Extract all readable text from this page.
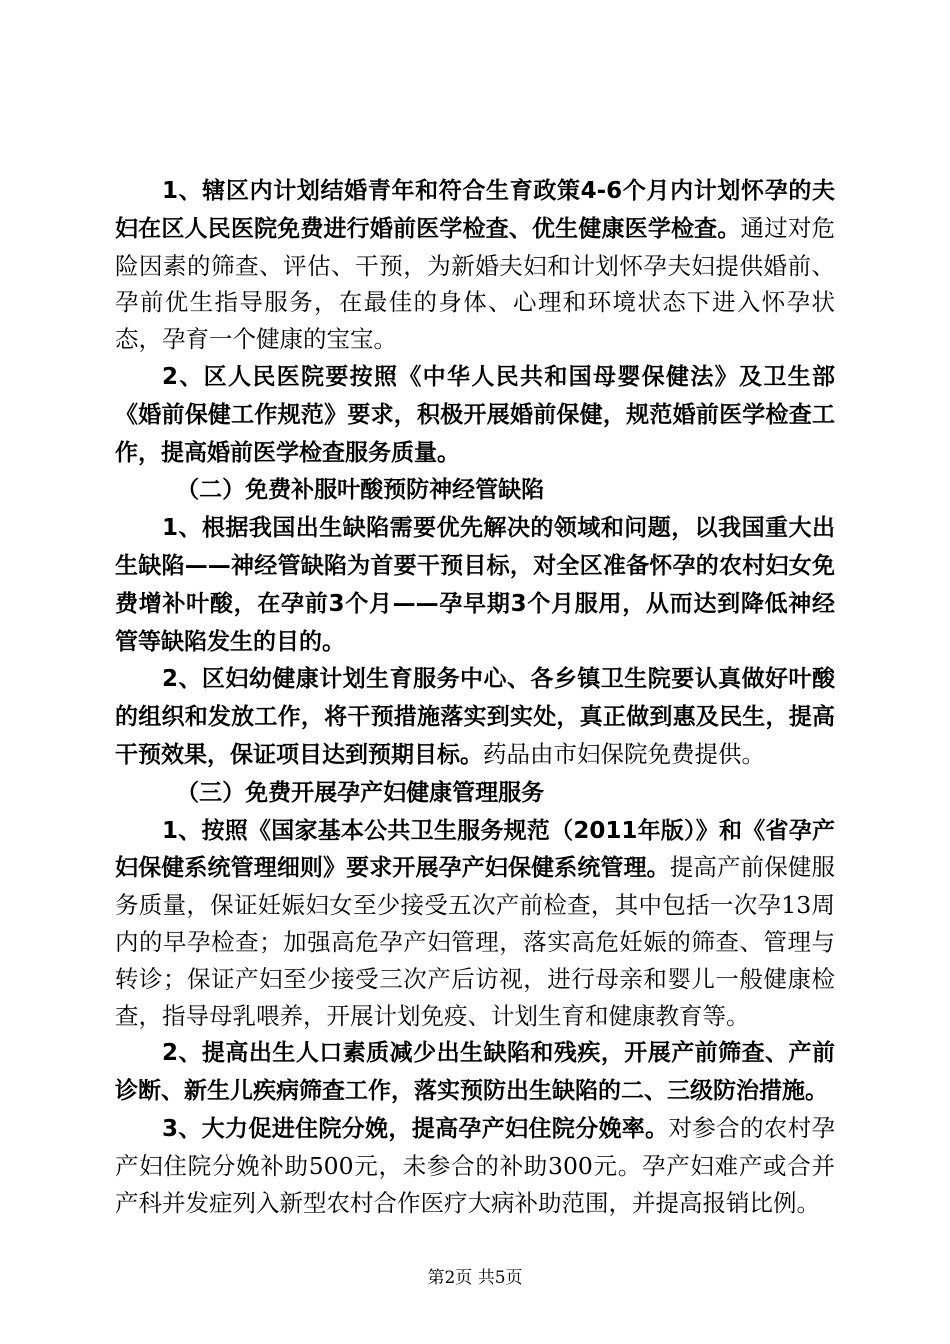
1、辖区内计划结婚青年和符合生育政策4-6个月内计划怀孕的夫妇在区人民医院免费进行婚前医学检查、优生健康医学检查。通过对危险因素的筛查、评估、干预，为新婚夫妇和计划怀孕夫妇提供婚前、孕前优生指导服务，在最佳的身体、心理和环境状态下进入怀孕状态，孕育一个健康的宝宝。

2、区人民医院要按照《中华人民共和国母婴保健法》及卫生部《婚前保健工作规范》要求，积极开展婚前保健，规范婚前医学检查工作，提高婚前医学检查服务质量。

（二）免费补服叶酸预防神经管缺陷

1、根据我国出生缺陷需要优先解决的领域和问题，以我国重大出生缺陷——神经管缺陷为首要干预目标，对全区准备怀孕的农村妇女免费增补叶酸，在孕前3个月——孕早期3个月服用，从而达到降低神经管等缺陷发生的目的。

2、区妇幼健康计划生育服务中心、各乡镇卫生院要认真做好叶酸的组织和发放工作，将干预措施落实到实处，真正做到惠及民生，提高干预效果，保证项目达到预期目标。药品由市妇保院免费提供。

（三）免费开展孕产妇健康管理服务

1、按照《国家基本公共卫生服务规范（2011年版）》和《省孕产妇保健系统管理细则》要求开展孕产妇保健系统管理。提高产前保健服务质量，保证妊娠妇女至少接受五次产前检查，其中包括一次孕13周内的早孕检查；加强高危孕产妇管理，落实高危妊娠的筛查、管理与转诊；保证产妇至少接受三次产后访视，进行母亲和婴儿一般健康检查，指导母乳喂养，开展计划免疫、计划生育和健康教育等。

2、提高出生人口素质减少出生缺陷和残疾，开展产前筛查、产前诊断、新生儿疾病筛查工作，落实预防出生缺陷的二、三级防治措施。

3、大力促进住院分娩，提高孕产妇住院分娩率。对参合的农村孕产妇住院分娩补助500元，未参合的补助300元。孕产妇难产或合并产科并发症列入新型农村合作医疗大病补助范围，并提高报销比例。

第2页 共5页
